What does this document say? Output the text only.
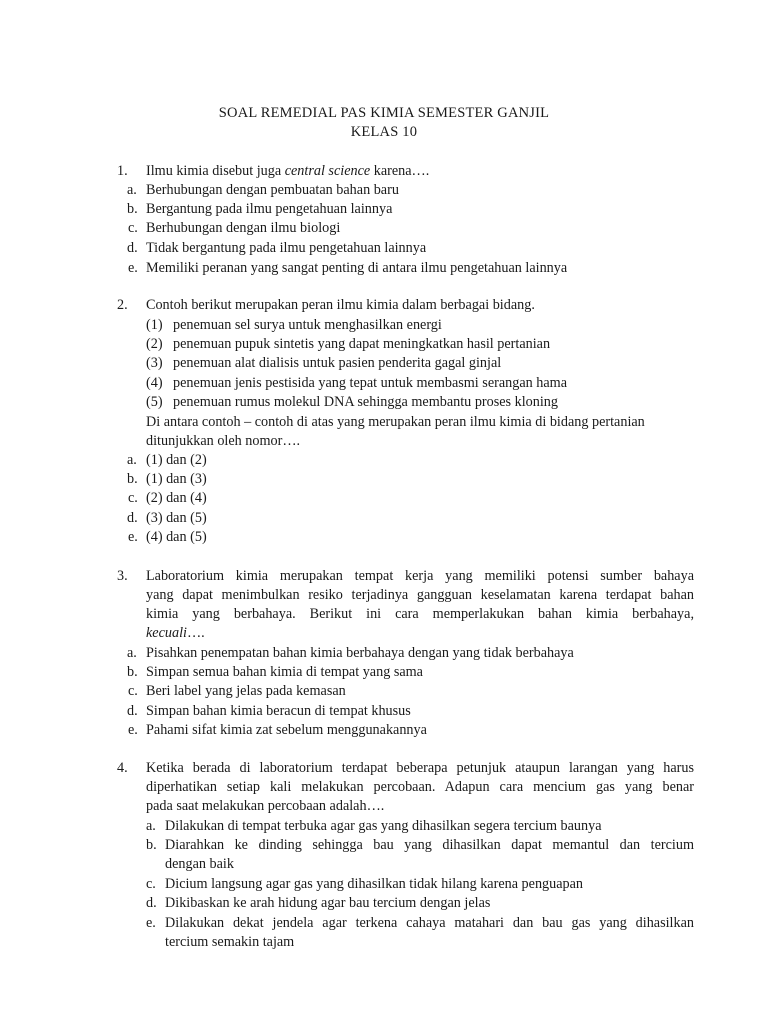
SOAL REMEDIAL PAS KIMIA SEMESTER GANJIL
KELAS 10
1. Ilmu kimia disebut juga central science karena….
a. Berhubungan dengan pembuatan bahan baru
b. Bergantung pada ilmu pengetahuan lainnya
c. Berhubungan dengan ilmu biologi
d. Tidak bergantung pada ilmu pengetahuan lainnya
e. Memiliki peranan yang sangat penting di antara ilmu pengetahuan lainnya
2. Contoh berikut merupakan peran ilmu kimia dalam berbagai bidang.
(1) penemuan sel surya untuk menghasilkan energi
(2) penemuan pupuk sintetis yang dapat meningkatkan hasil pertanian
(3) penemuan alat dialisis untuk pasien penderita gagal ginjal
(4) penemuan jenis pestisida yang tepat untuk membasmi serangan hama
(5) penemuan rumus molekul DNA sehingga membantu proses kloning
Di antara contoh – contoh di atas yang merupakan peran ilmu kimia di bidang pertanian
ditunjukkan oleh nomor….
a. (1) dan (2)
b. (1) dan (3)
c. (2) dan (4)
d. (3) dan (5)
e. (4) dan (5)
3. Laboratorium kimia merupakan tempat kerja yang memiliki potensi sumber bahaya
yang dapat menimbulkan resiko terjadinya gangguan keselamatan karena terdapat bahan
kimia yang berbahaya. Berikut ini cara memperlakukan bahan kimia berbahaya,
kecuali….
a. Pisahkan penempatan bahan kimia berbahaya dengan yang tidak berbahaya
b. Simpan semua bahan kimia di tempat yang sama
c. Beri label yang jelas pada kemasan
d. Simpan bahan kimia beracun di tempat khusus
e. Pahami sifat kimia zat sebelum menggunakannya
4. Ketika berada di laboratorium terdapat beberapa petunjuk ataupun larangan yang harus
diperhatikan setiap kali melakukan percobaan. Adapun cara mencium gas yang benar
pada saat melakukan percobaan adalah….
a. Dilakukan di tempat terbuka agar gas yang dihasilkan segera tercium baunya
b. Diarahkan ke dinding sehingga bau yang dihasilkan dapat memantul dan tercium
dengan baik
c. Dicium langsung agar gas yang dihasilkan tidak hilang karena penguapan
d. Dikibaskan ke arah hidung agar bau tercium dengan jelas
e. Dilakukan dekat jendela agar terkena cahaya matahari dan bau gas yang dihasilkan
tercium semakin tajam
